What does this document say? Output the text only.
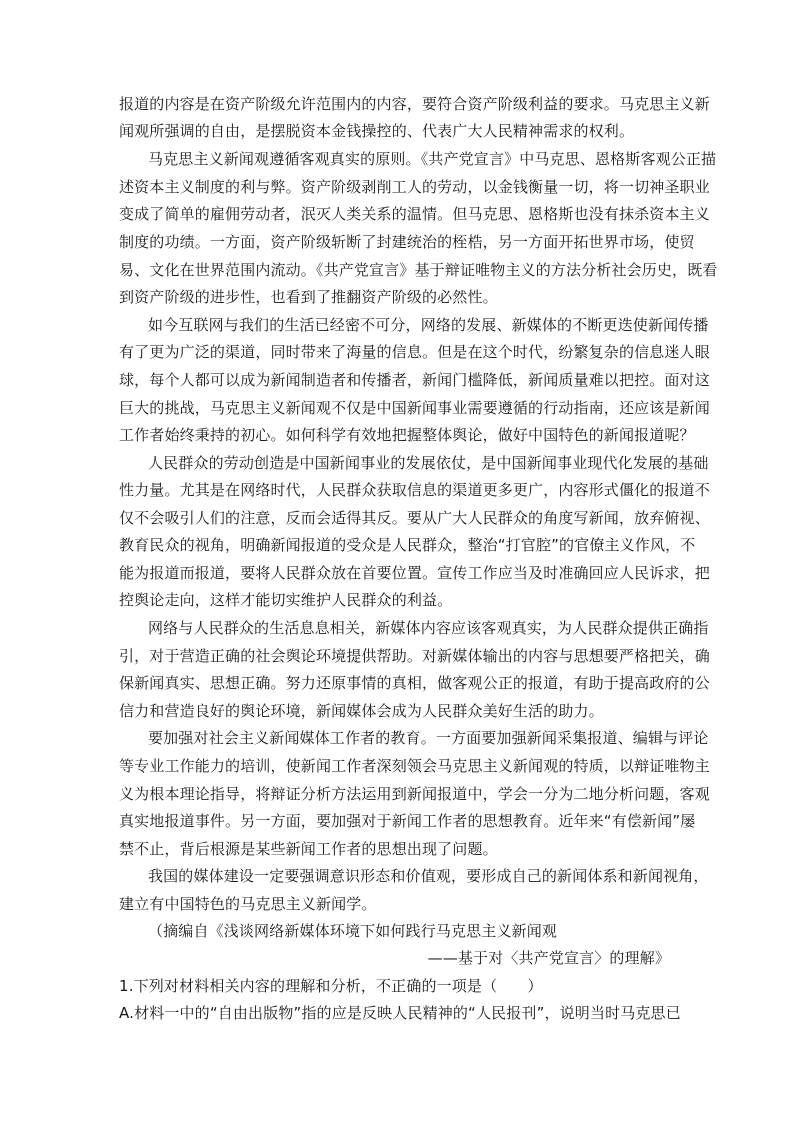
报道的内容是在资产阶级允许范围内的内容，要符合资产阶级利益的要求。马克思主义新
闻观所强调的自由，是摆脱资本金钱操控的、代表广大人民精神需求的权利。
马克思主义新闻观遵循客观真实的原则。《共产党宣言》中马克思、恩格斯客观公正描
述资本主义制度的利与弊。资产阶级剥削工人的劳动，以金钱衡量一切，将一切神圣职业
变成了简单的雇佣劳动者，泯灭人类关系的温情。但马克思、恩格斯也没有抹杀资本主义
制度的功绩。一方面，资产阶级斩断了封建统治的桎梏，另一方面开拓世界市场，使贸
易、文化在世界范围内流动。《共产党宣言》基于辩证唯物主义的方法分析社会历史，既看
到资产阶级的进步性，也看到了推翻资产阶级的必然性。
如今互联网与我们的生活已经密不可分，网络的发展、新媒体的不断更迭使新闻传播
有了更为广泛的渠道，同时带来了海量的信息。但是在这个时代，纷繁复杂的信息迷人眼
球，每个人都可以成为新闻制造者和传播者，新闻门槛降低，新闻质量难以把控。面对这
巨大的挑战，马克思主义新闻观不仅是中国新闻事业需要遵循的行动指南，还应该是新闻
工作者始终秉持的初心。如何科学有效地把握整体舆论，做好中国特色的新闻报道呢？
人民群众的劳动创造是中国新闻事业的发展依仗，是中国新闻事业现代化发展的基础
性力量。尤其是在网络时代，人民群众获取信息的渠道更多更广，内容形式僵化的报道不
仅不会吸引人们的注意，反而会适得其反。要从广大人民群众的角度写新闻，放弃俯视、
教育民众的视角，明确新闻报道的受众是人民群众，整治“打官腔”的官僚主义作风，不
能为报道而报道，要将人民群众放在首要位置。宣传工作应当及时准确回应人民诉求，把
控舆论走向，这样才能切实维护人民群众的利益。
网络与人民群众的生活息息相关，新媒体内容应该客观真实，为人民群众提供正确指
引，对于营造正确的社会舆论环境提供帮助。对新媒体输出的内容与思想要严格把关，确
保新闻真实、思想正确。努力还原事情的真相，做客观公正的报道，有助于提高政府的公
信力和营造良好的舆论环境，新闻媒体会成为人民群众美好生活的助力。
要加强对社会主义新闻媒体工作者的教育。一方面要加强新闻采集报道、编辑与评论
等专业工作能力的培训，使新闻工作者深刻领会马克思主义新闻观的特质，以辩证唯物主
义为根本理论指导，将辩证分析方法运用到新闻报道中，学会一分为二地分析问题，客观
真实地报道事件。另一方面，要加强对于新闻工作者的思想教育。近年来“有偿新闻”屡
禁不止，背后根源是某些新闻工作者的思想出现了问题。
我国的媒体建设一定要强调意识形态和价值观，要形成自己的新闻体系和新闻视角，
建立有中国特色的马克思主义新闻学。
（摘编自《浅谈网络新媒体环境下如何践行马克思主义新闻观
——基于对〈共产党宣言〉的理解》
1.下列对材料相关内容的理解和分析，不正确的一项是（　　）
A.材料一中的“自由出版物”指的应是反映人民精神的“人民报刊”，说明当时马克思已
